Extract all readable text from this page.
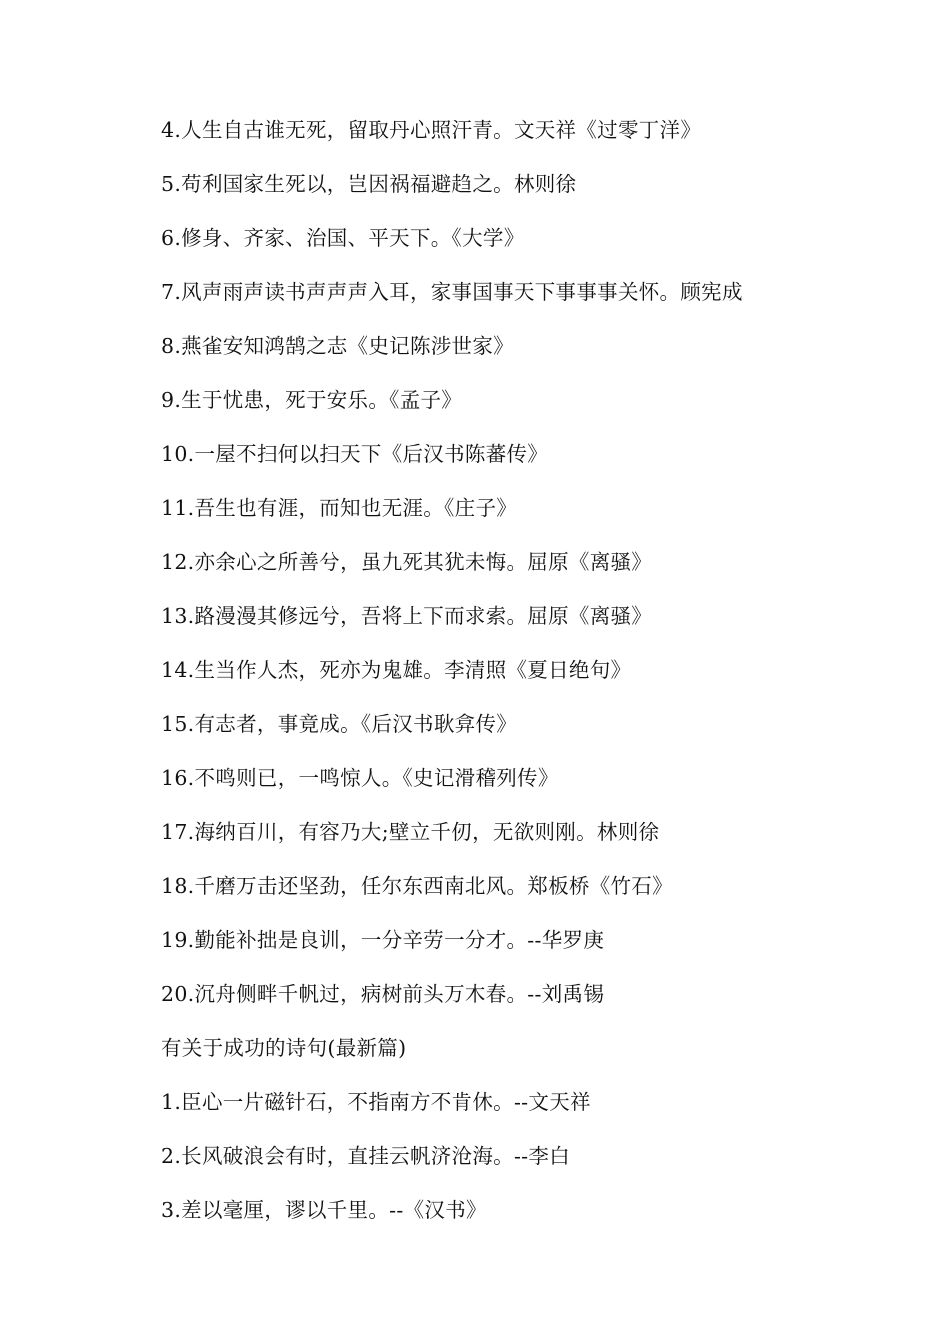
4.人生自古谁无死，留取丹心照汗青。文天祥《过零丁洋》
5.苟利国家生死以，岂因祸福避趋之。林则徐
6.修身、齐家、治国、平天下。《大学》
7.风声雨声读书声声声入耳，家事国事天下事事事关怀。顾宪成
8.燕雀安知鸿鹄之志《史记陈涉世家》
9.生于忧患，死于安乐。《孟子》
10.一屋不扫何以扫天下《后汉书陈蕃传》
11.吾生也有涯，而知也无涯。《庄子》
12.亦余心之所善兮，虽九死其犹未悔。屈原《离骚》
13.路漫漫其修远兮，吾将上下而求索。屈原《离骚》
14.生当作人杰，死亦为鬼雄。李清照《夏日绝句》
15.有志者，事竟成。《后汉书耿弇传》
16.不鸣则已，一鸣惊人。《史记滑稽列传》
17.海纳百川，有容乃大;壁立千仞，无欲则刚。林则徐
18.千磨万击还坚劲，任尔东西南北风。郑板桥《竹石》
19.勤能补拙是良训，一分辛劳一分才。--华罗庚
20.沉舟侧畔千帆过，病树前头万木春。--刘禹锡
有关于成功的诗句(最新篇)
1.臣心一片磁针石，不指南方不肯休。--文天祥
2.长风破浪会有时，直挂云帆济沧海。--李白
3.差以毫厘，谬以千里。--《汉书》
